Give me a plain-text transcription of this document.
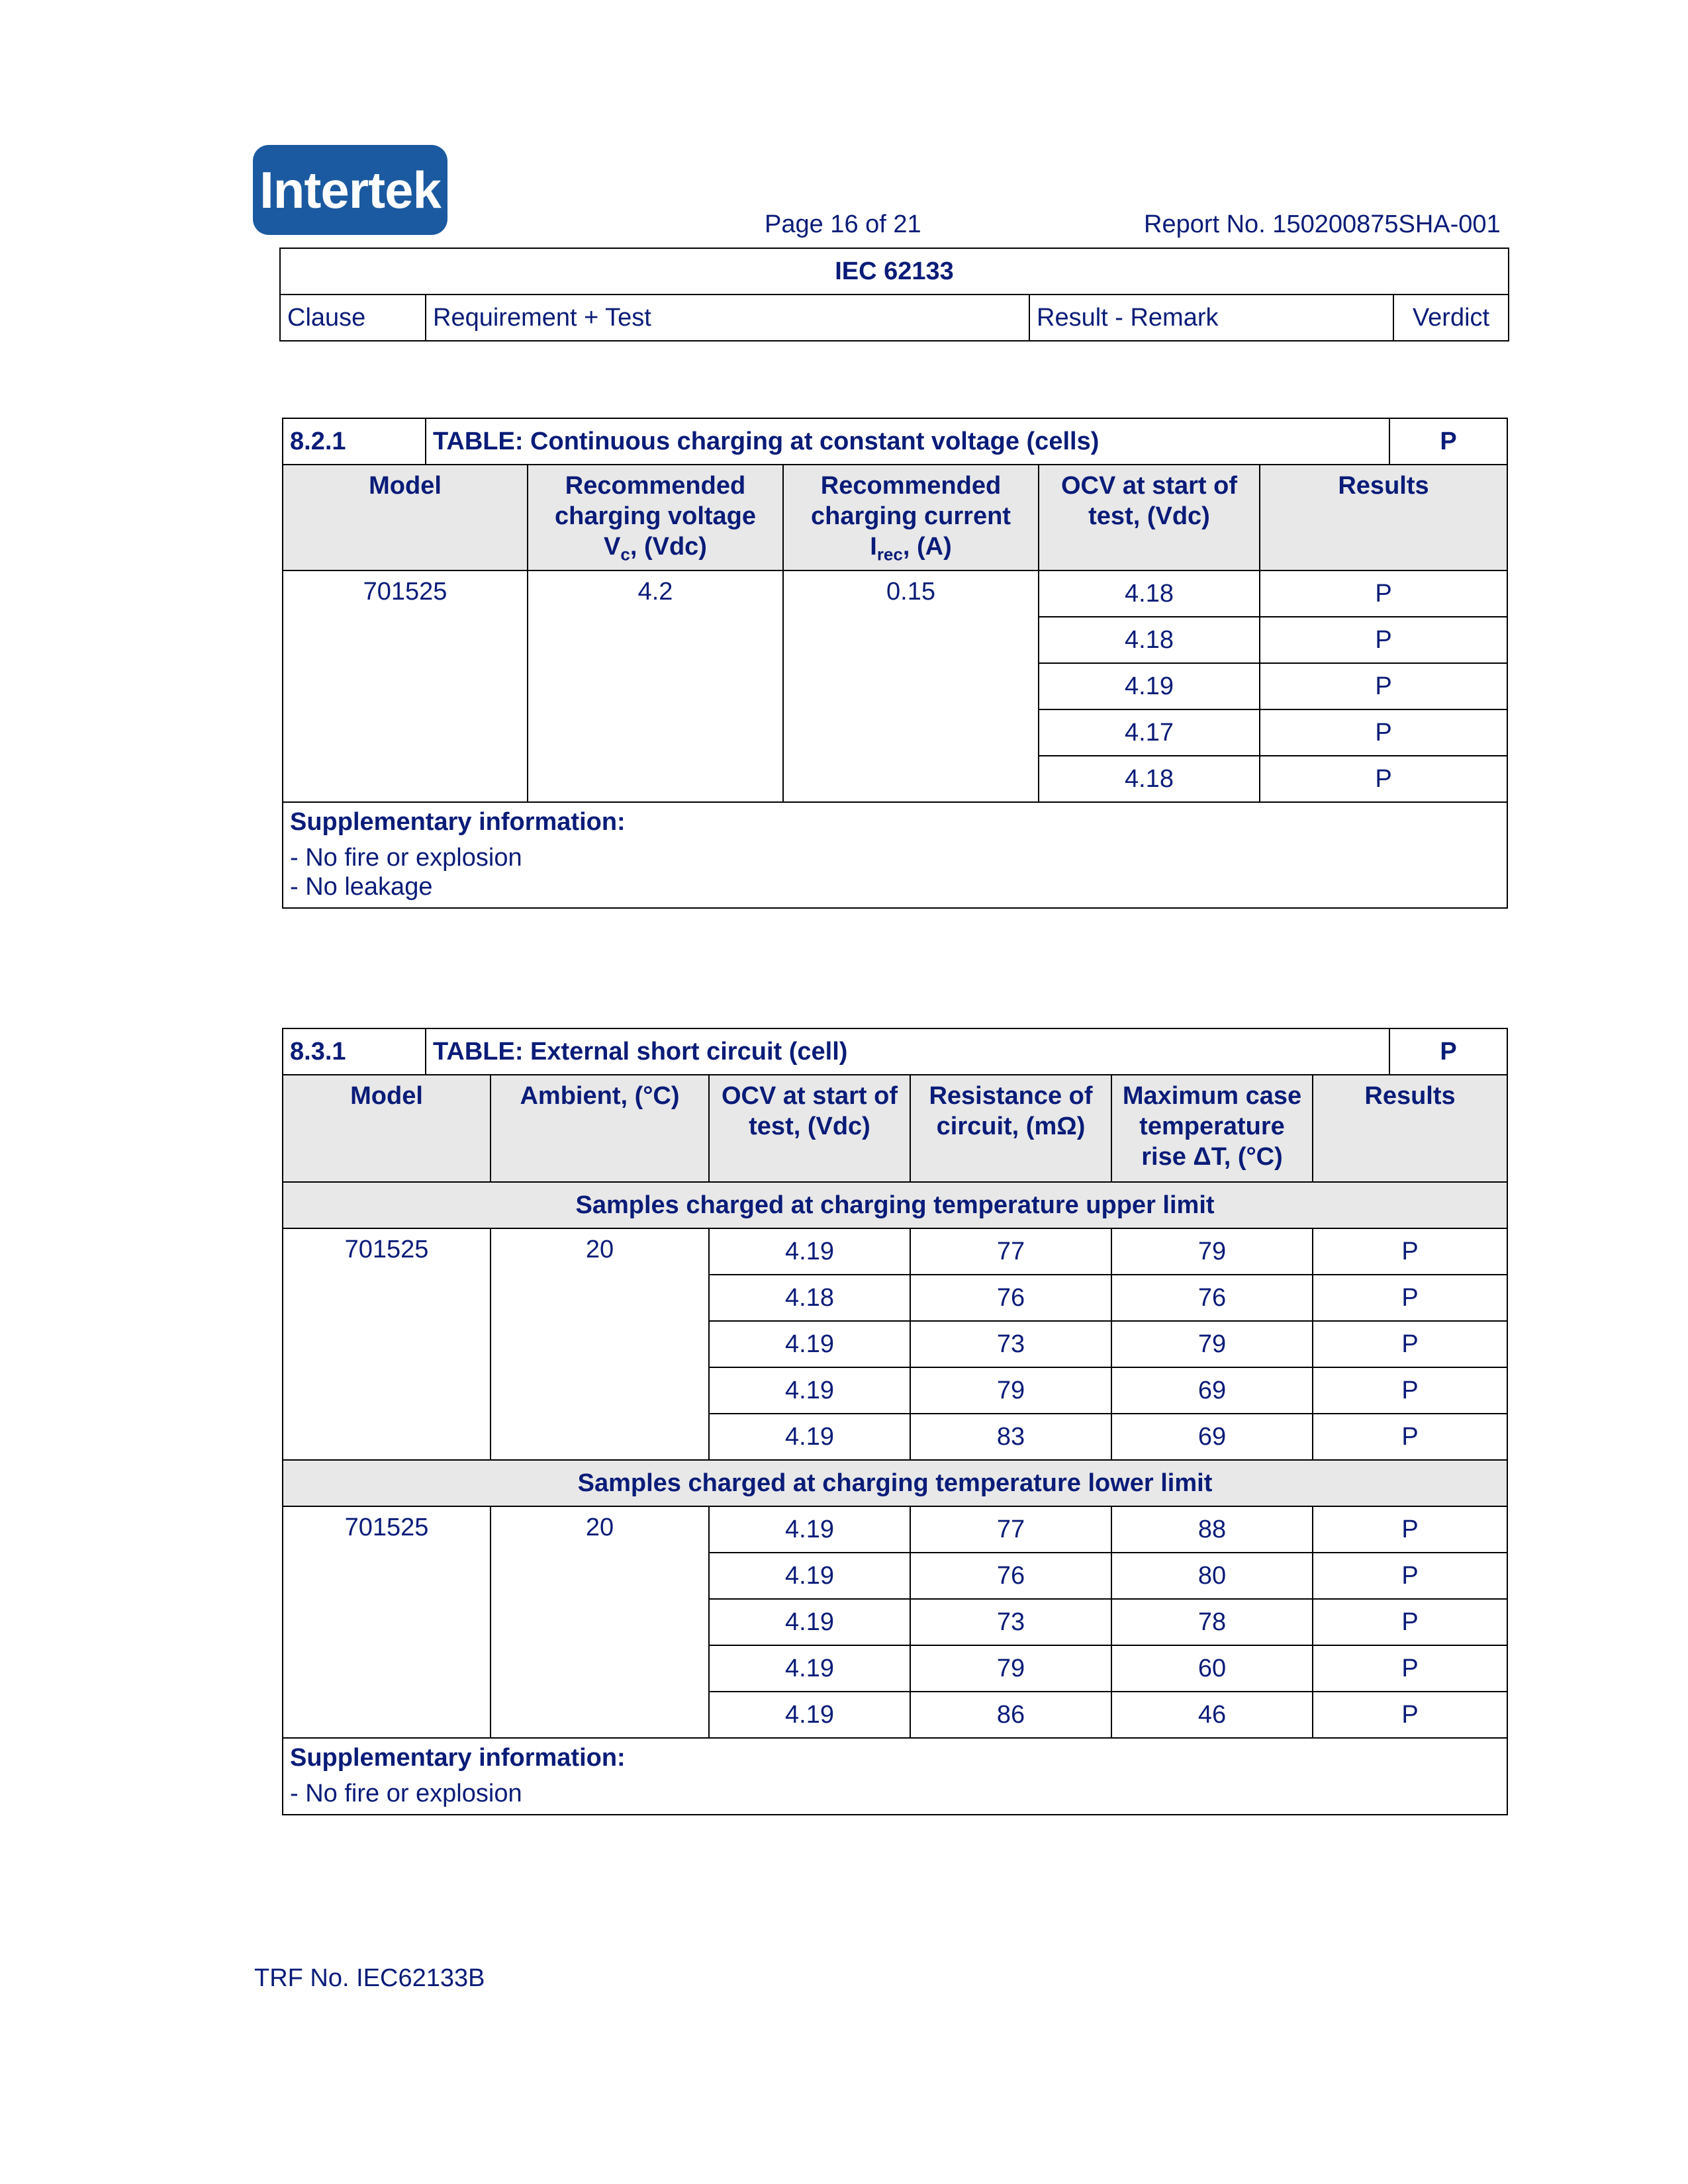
Intertek
Page 16 of 21	Report No. 150200875SHA-001
IEC 62133
Clause	Requirement + Test	Result - Remark	Verdict
8.2.1	TABLE: Continuous charging at constant voltage (cells)					P
Model		Recommended
charging voltage
$V_c$, (Vdc)	Recommended
charging current
$I_{rec}$, (A)	OCV at start of
test, (Vdc)	Results	
701525		4.2	0.15	4.18	P	
				4.18	P	
				4.19	P	
				4.17	P	
				4.18	P	

Supplementary information:
- No fire or explosion
- No leakage						
8.3.1	TABLE: External short circuit (cell)						P
Model		Ambient, (°C)	OCV at start of
test, (Vdc)	Resistance of
circuit, (mΩ)	Maximum case
temperature
rise ΔT, (°C)	Results	
Samples charged at charging temperature upper limit							
701525		20	4.19	77	79	P	
			4.18	76	76	P	
			4.19	73	79	P	
			4.19	79	69	P	
			4.19	83	69	P	
Samples charged at charging temperature lower limit							
701525		20	4.19	77	88	P	
			4.19	76	80	P	
			4.19	73	78	P	
			4.19	79	60	P	
			4.19	86	46	P	

Supplementary information:
- No fire or explosion							
TRF No. IEC62133B
